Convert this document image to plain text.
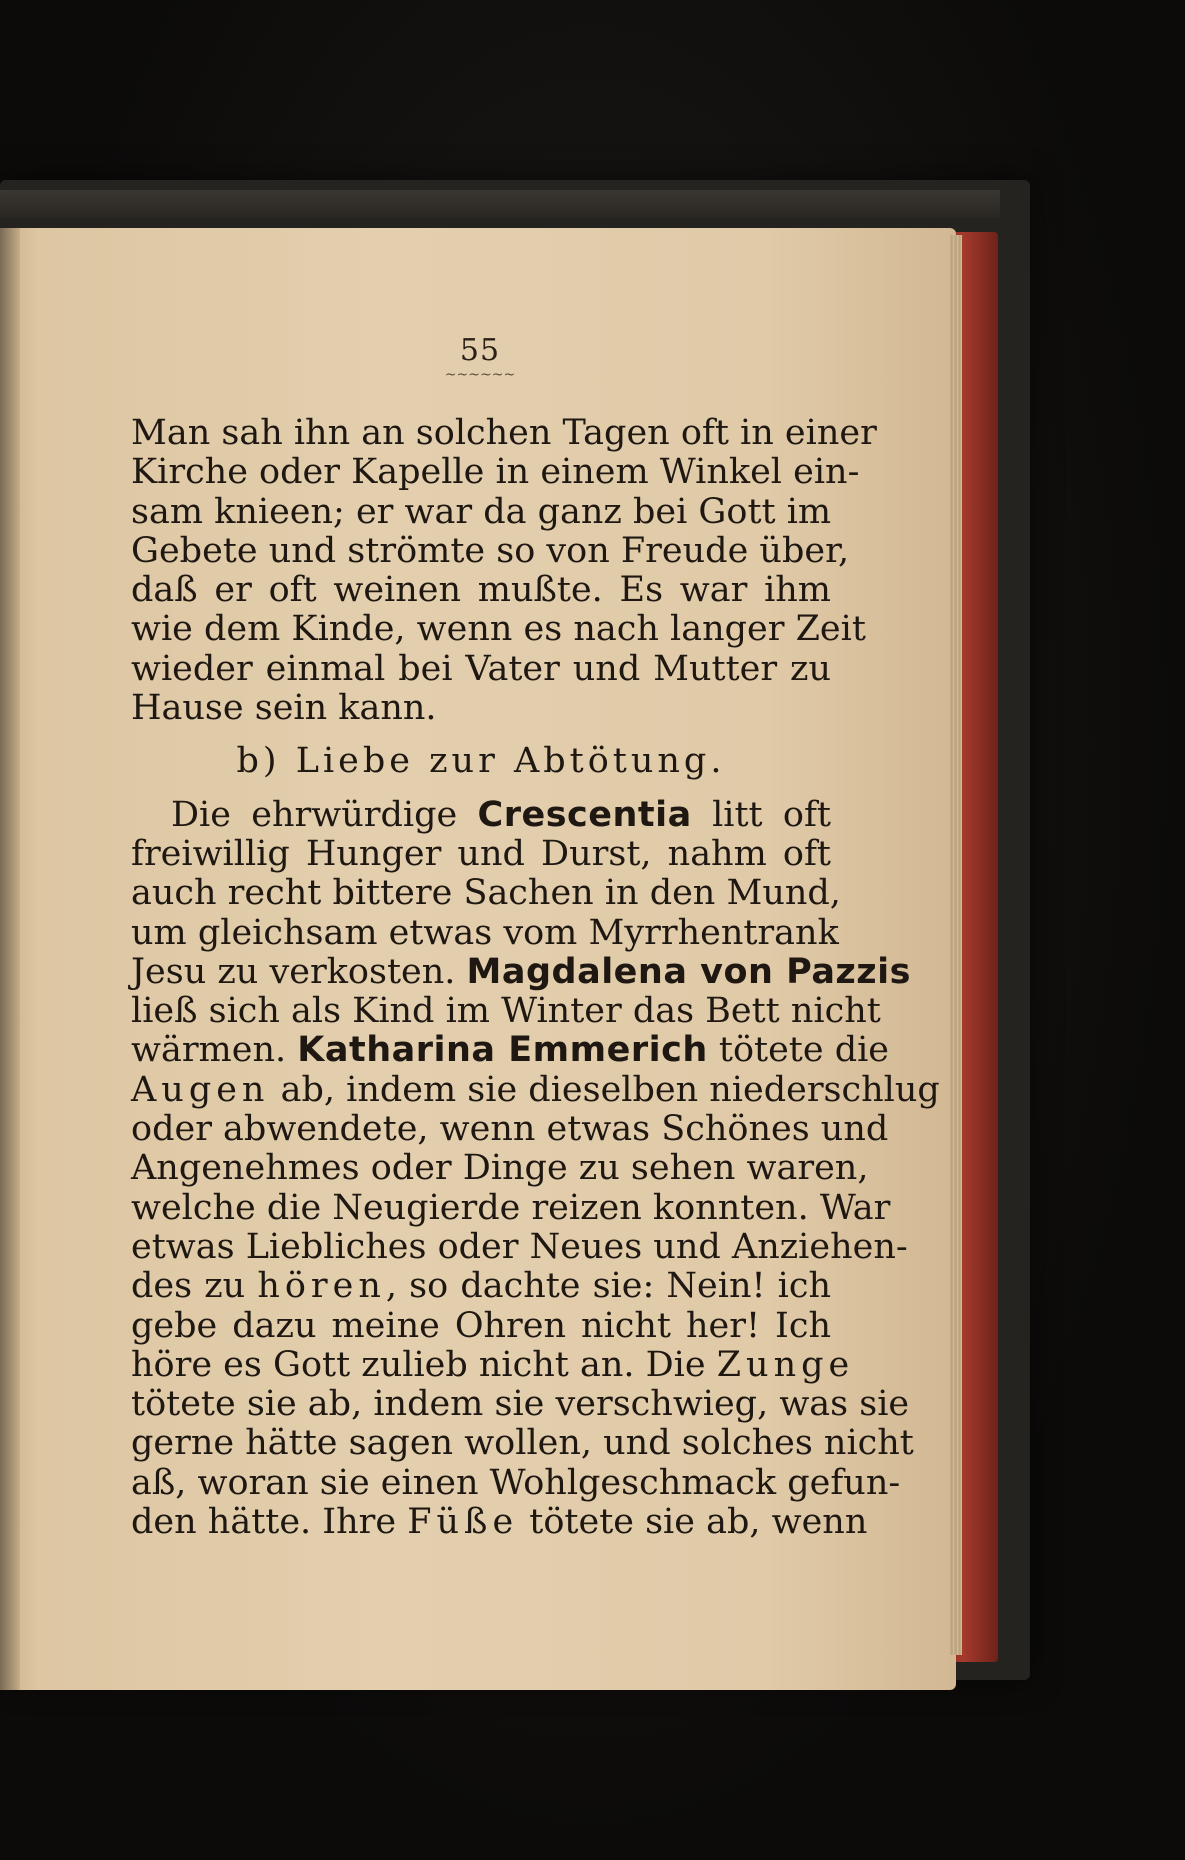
55
~~~~~~
Man sah ihn an solchen Tagen oft in einer
Kirche oder Kapelle in einem Winkel ein-
sam knieen; er war da ganz bei Gott im
Gebete und strömte so von Freude über,
daß er oft weinen mußte. Es war ihm
wie dem Kinde, wenn es nach langer Zeit
wieder einmal bei Vater und Mutter zu
Hause sein kann.
b) Liebe zur Abtötung.
Die ehrwürdige Crescentia litt oft
freiwillig Hunger und Durst, nahm oft
auch recht bittere Sachen in den Mund,
um gleichsam etwas vom Myrrhentrank
Jesu zu verkosten. Magdalena von Pazzis
ließ sich als Kind im Winter das Bett nicht
wärmen. Katharina Emmerich tötete die
Augen ab, indem sie dieselben niederschlug
oder abwendete, wenn etwas Schönes und
Angenehmes oder Dinge zu sehen waren,
welche die Neugierde reizen konnten. War
etwas Liebliches oder Neues und Anziehen-
des zu hören, so dachte sie: Nein! ich
gebe dazu meine Ohren nicht her! Ich
höre es Gott zulieb nicht an. Die Zunge
tötete sie ab, indem sie verschwieg, was sie
gerne hätte sagen wollen, und solches nicht
aß, woran sie einen Wohlgeschmack gefun-
den hätte. Ihre Füße tötete sie ab, wenn
